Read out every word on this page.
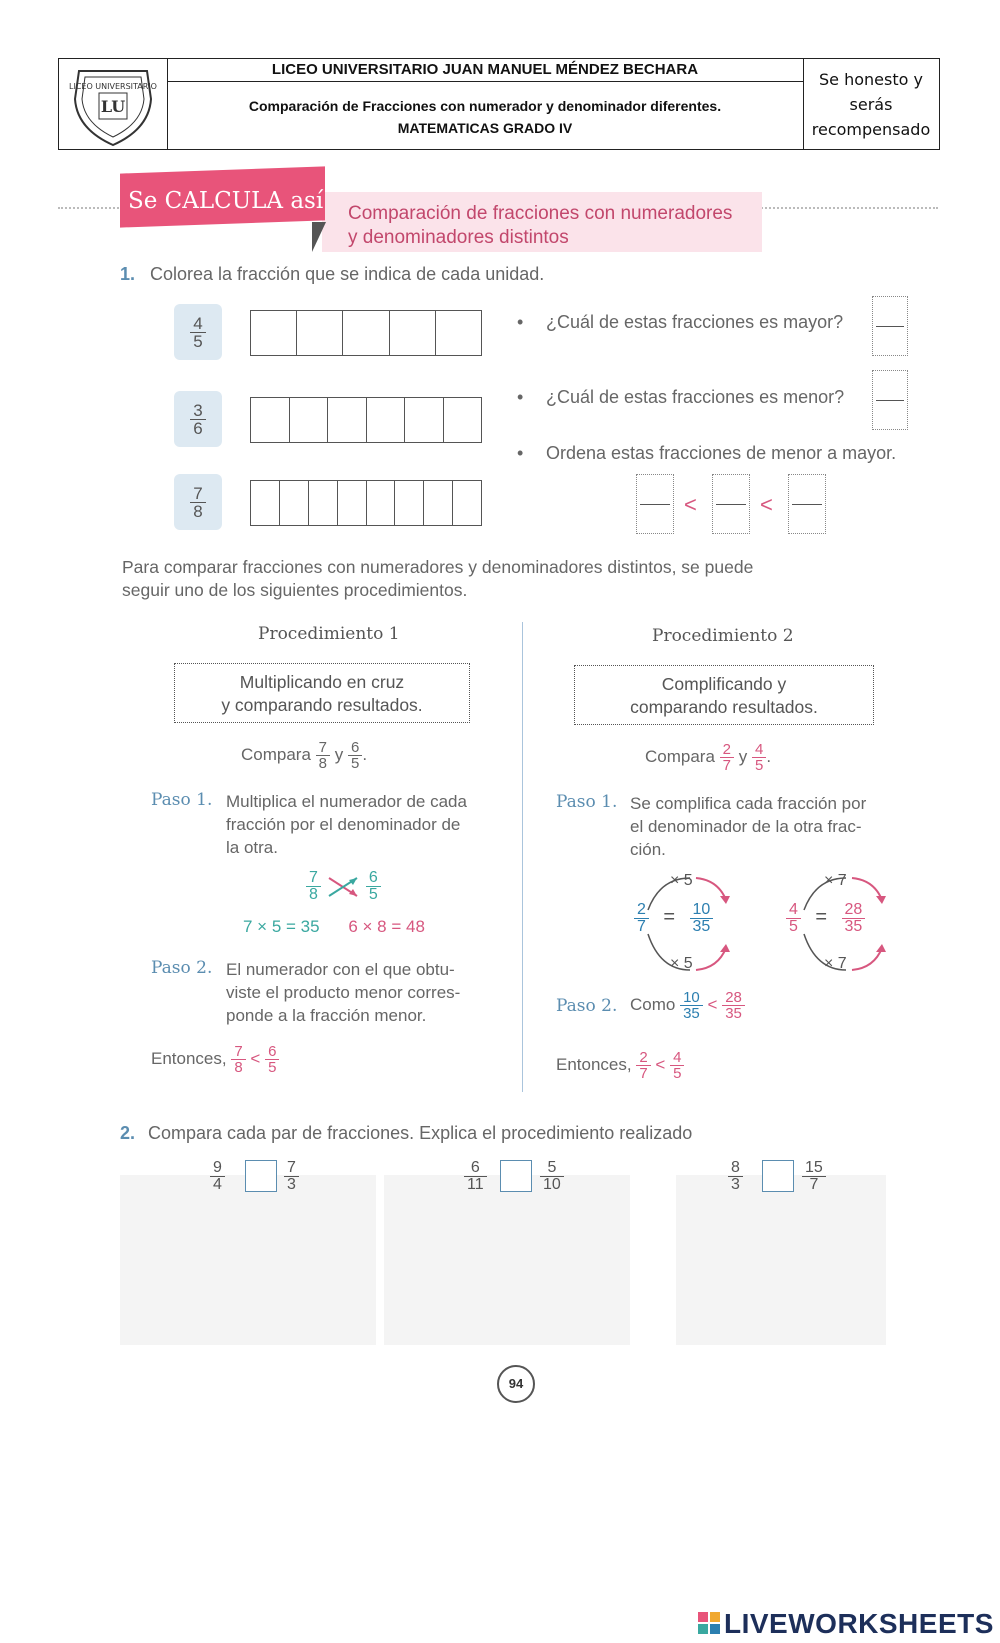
LICEO UNIVERSITARIO
LU
LICEO UNIVERSITARIO JUAN MANUEL MÉNDEZ BECHARA
Comparación de Fracciones con numerador y denominador diferentes.
MATEMATICAS GRADO IV
Se honesto y
serás
recompensado
Se CALCULA así Comparación de fracciones con numeradores
y denominadores distintos
1. Colorea la fracción que se indica de cada unidad.
$\frac{4}{5}$
$\frac{3}{6}$
$\frac{7}{8}$
• ¿Cuál de estas fracciones es mayor?
• ¿Cuál de estas fracciones es menor?
• Ordena estas fracciones de menor a mayor.
<	<
Para comparar fracciones con numeradores y denominadores distintos, se puede
seguir uno de los siguientes procedimientos.
Procedimiento 1
Multiplicando en cruz
y comparando resultados.
Compara $\frac{7}{8}$ y $\frac{6}{5}$ .
Paso 1. Multiplica el numerador de cada
fracción por el denominador de
la otra.
$\frac{7}{8}$
	$\frac{6}{5}$
7 × 5 = 35 6 × 8 = 48
Paso 2. El numerador con el que obtu-
viste el producto menor corres-
ponde a la fracción menor.
Entonces, $\frac{7}{8} < \frac{6}{5}$
Procedimiento 2
Complificando y
comparando resultados.
Compara $\frac{2}{7}$ y $\frac{4}{5}$ .
Paso 1. Se complifica cada fracción por
el denominador de la otra frac-
ción.
× 5
× 5
$\frac{2}{7} = \frac{10}{35}$
× 7
× 7
$\frac{4}{5} = \frac{28}{35}$
Paso 2. Como $\frac{10}{35} < \frac{28}{35}$
Entonces, $\frac{2}{7} < \frac{4}{5}$
2. Compara cada par de fracciones. Explica el procedimiento realizado
$\frac{9}{4}$	$\frac{7}{3}$	$\frac{6}{11}$	$\frac{5}{10}$	$\frac{8}{3}$	$\frac{15}{7}$
94
LIVEWORKSHEETS
